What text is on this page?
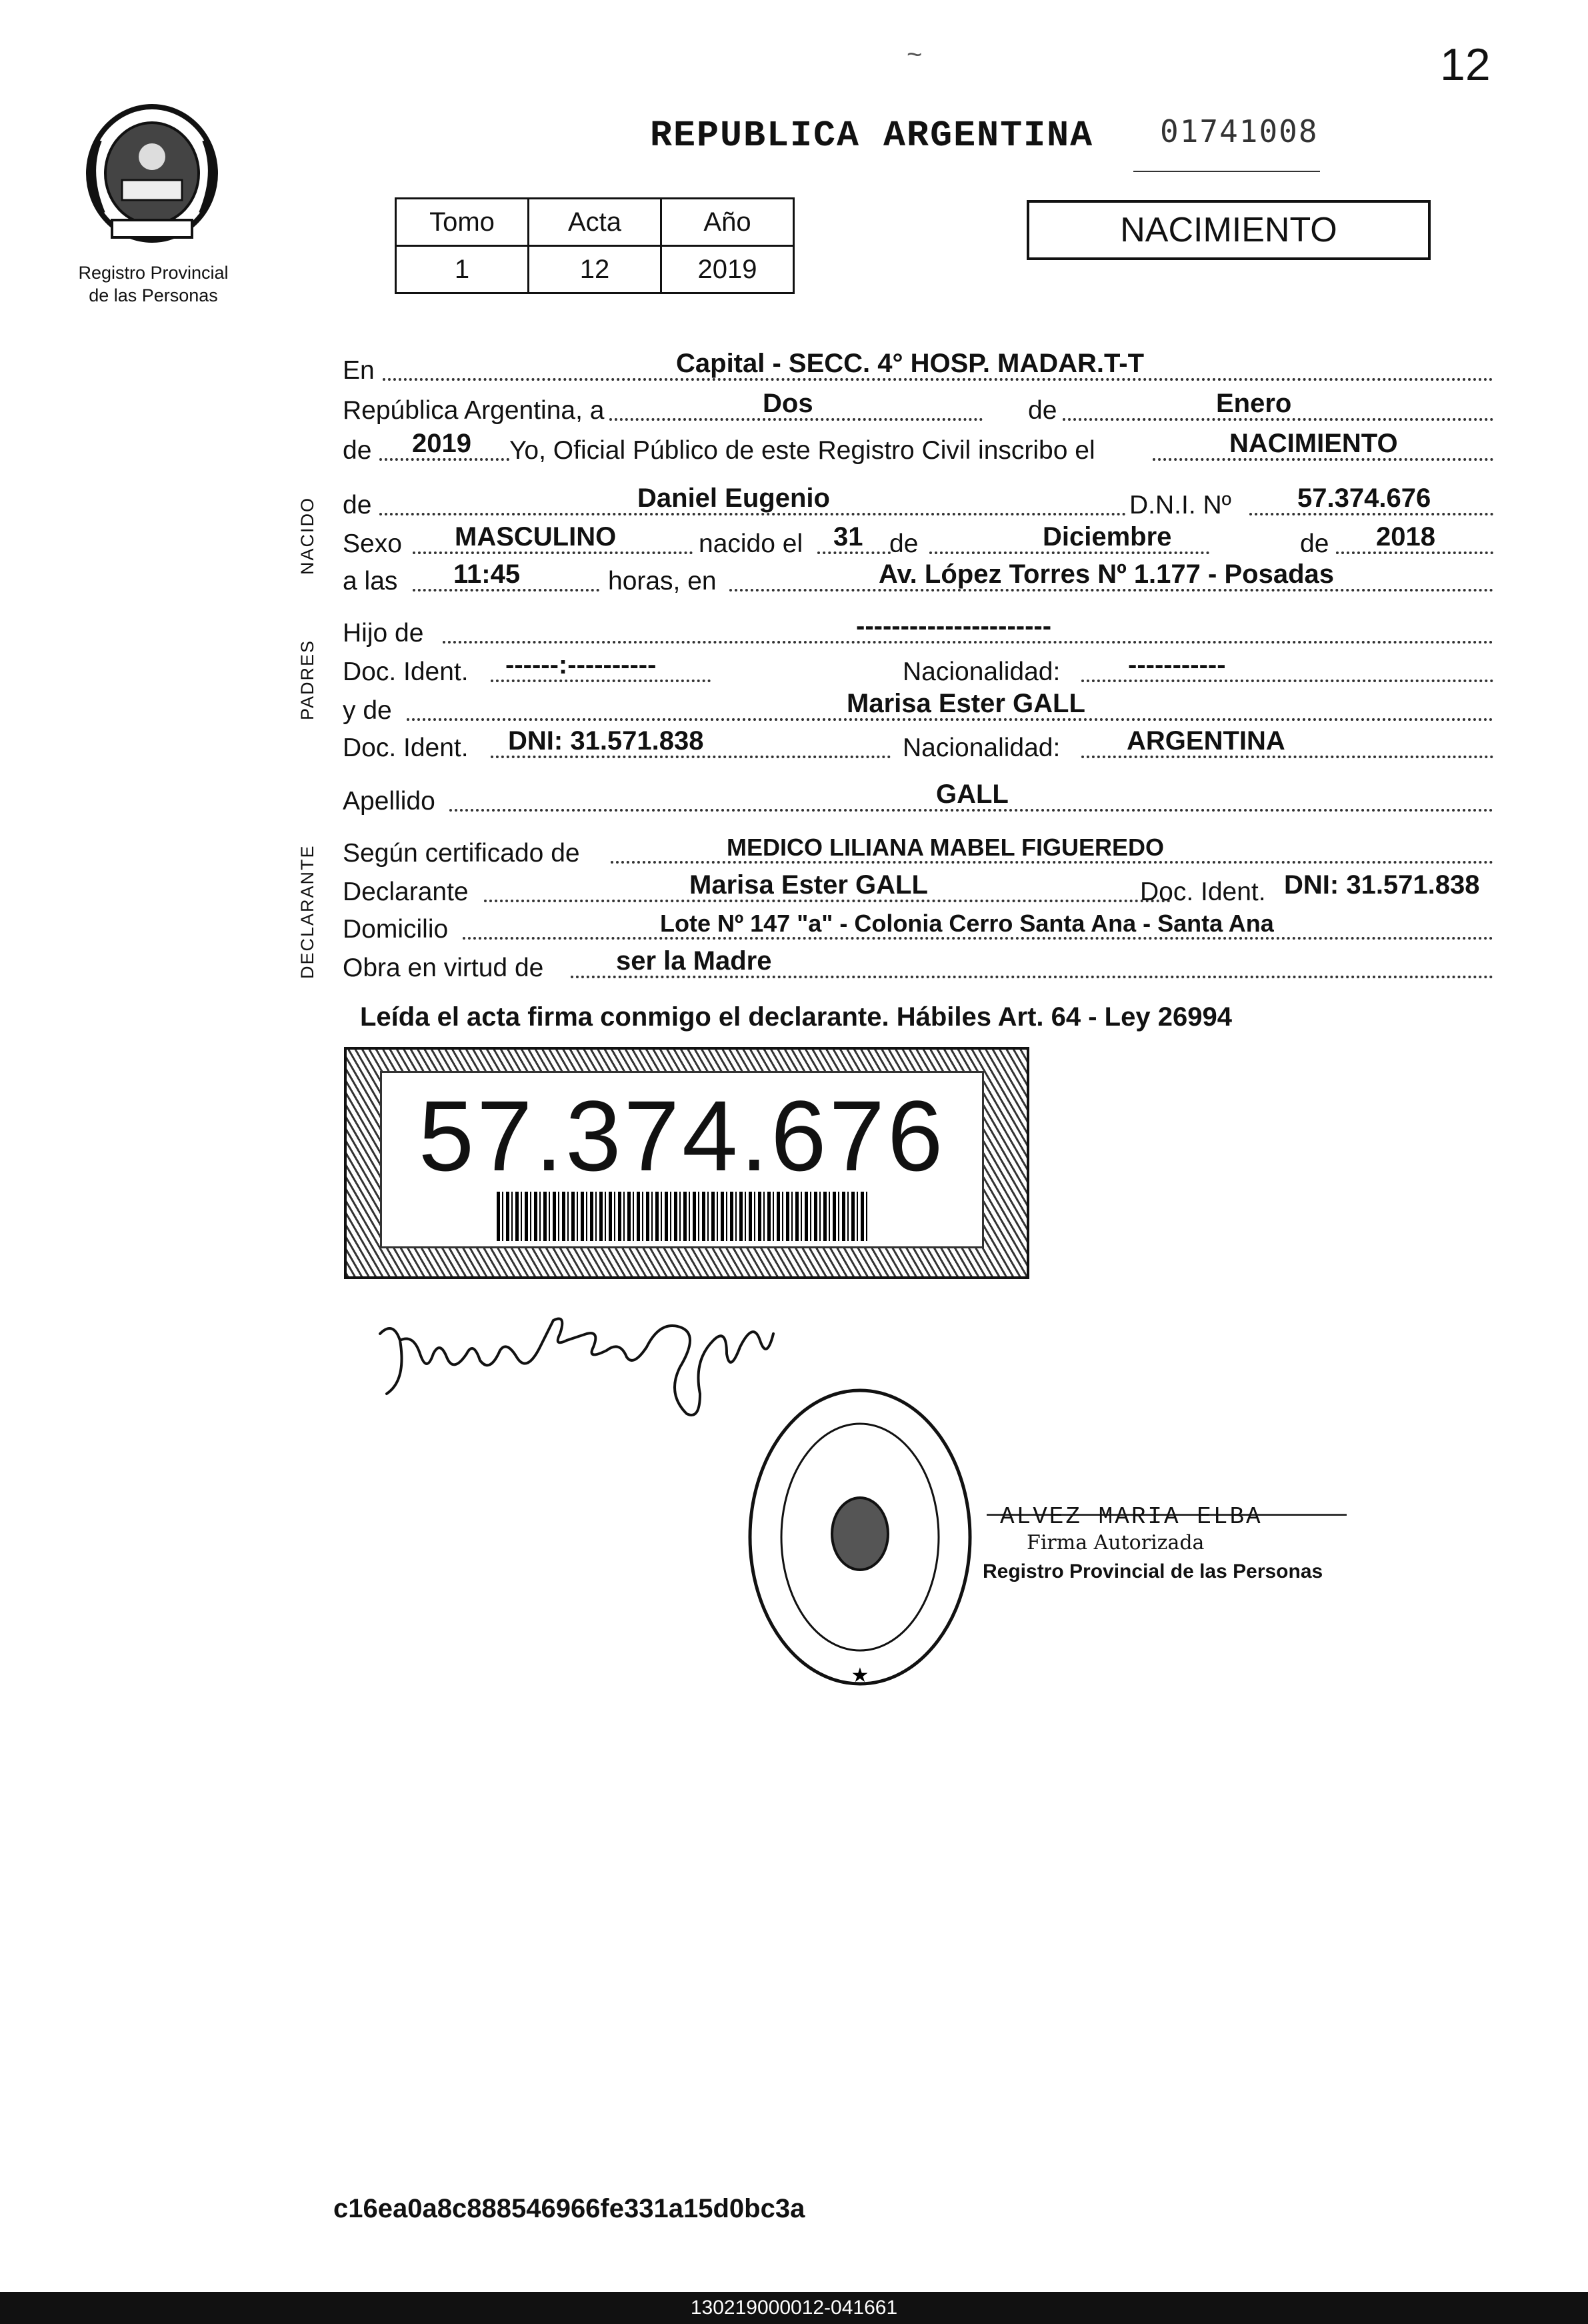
12
~
Registro Provincial
de las Personas
REPUBLICA ARGENTINA 01741008
Tomo	Acta	Año
1	12	2019
NACIMIENTO
NACIDO
PADRES
DECLARANTE
En	Capital - SECC. 4° HOSP. MADAR.T-T
República Argentina, a	Dos	de	Enero
de 2019 Yo, Oficial Público de este Registro Civil inscribo el	NACIMIENTO
de	Daniel Eugenio	D.N.I. Nº 57.374.676
Sexo MASCULINO	nacido el 31 de	Diciembre	de 2018
a las 11:45	horas, en	Av. López Torres Nº 1.177 - Posadas
Hijo de	----------------------
Doc. Ident. ------:----------	Nacionalidad:	-----------
y de	Marisa Ester GALL
Doc. Ident. DNI: 31.571.838	Nacionalidad: ARGENTINA
Apellido	GALL
Según certificado de	MEDICO LILIANA MABEL FIGUEREDO
Declarante	Marisa Ester GALL	Doc. Ident. DNI: 31.571.838
Domicilio	Lote Nº 147 "a" - Colonia Cerro Santa Ana - Santa Ana
Obra en virtud de	ser la Madre
Leída el acta firma conmigo el declarante. Hábiles Art. 64 - Ley 26994
57.374.676
★
ALVEZ MARIA ELBA
Firma Autorizada
Registro Provincial de las Personas
c16ea0a8c888546966fe331a15d0bc3a
130219000012-041661
